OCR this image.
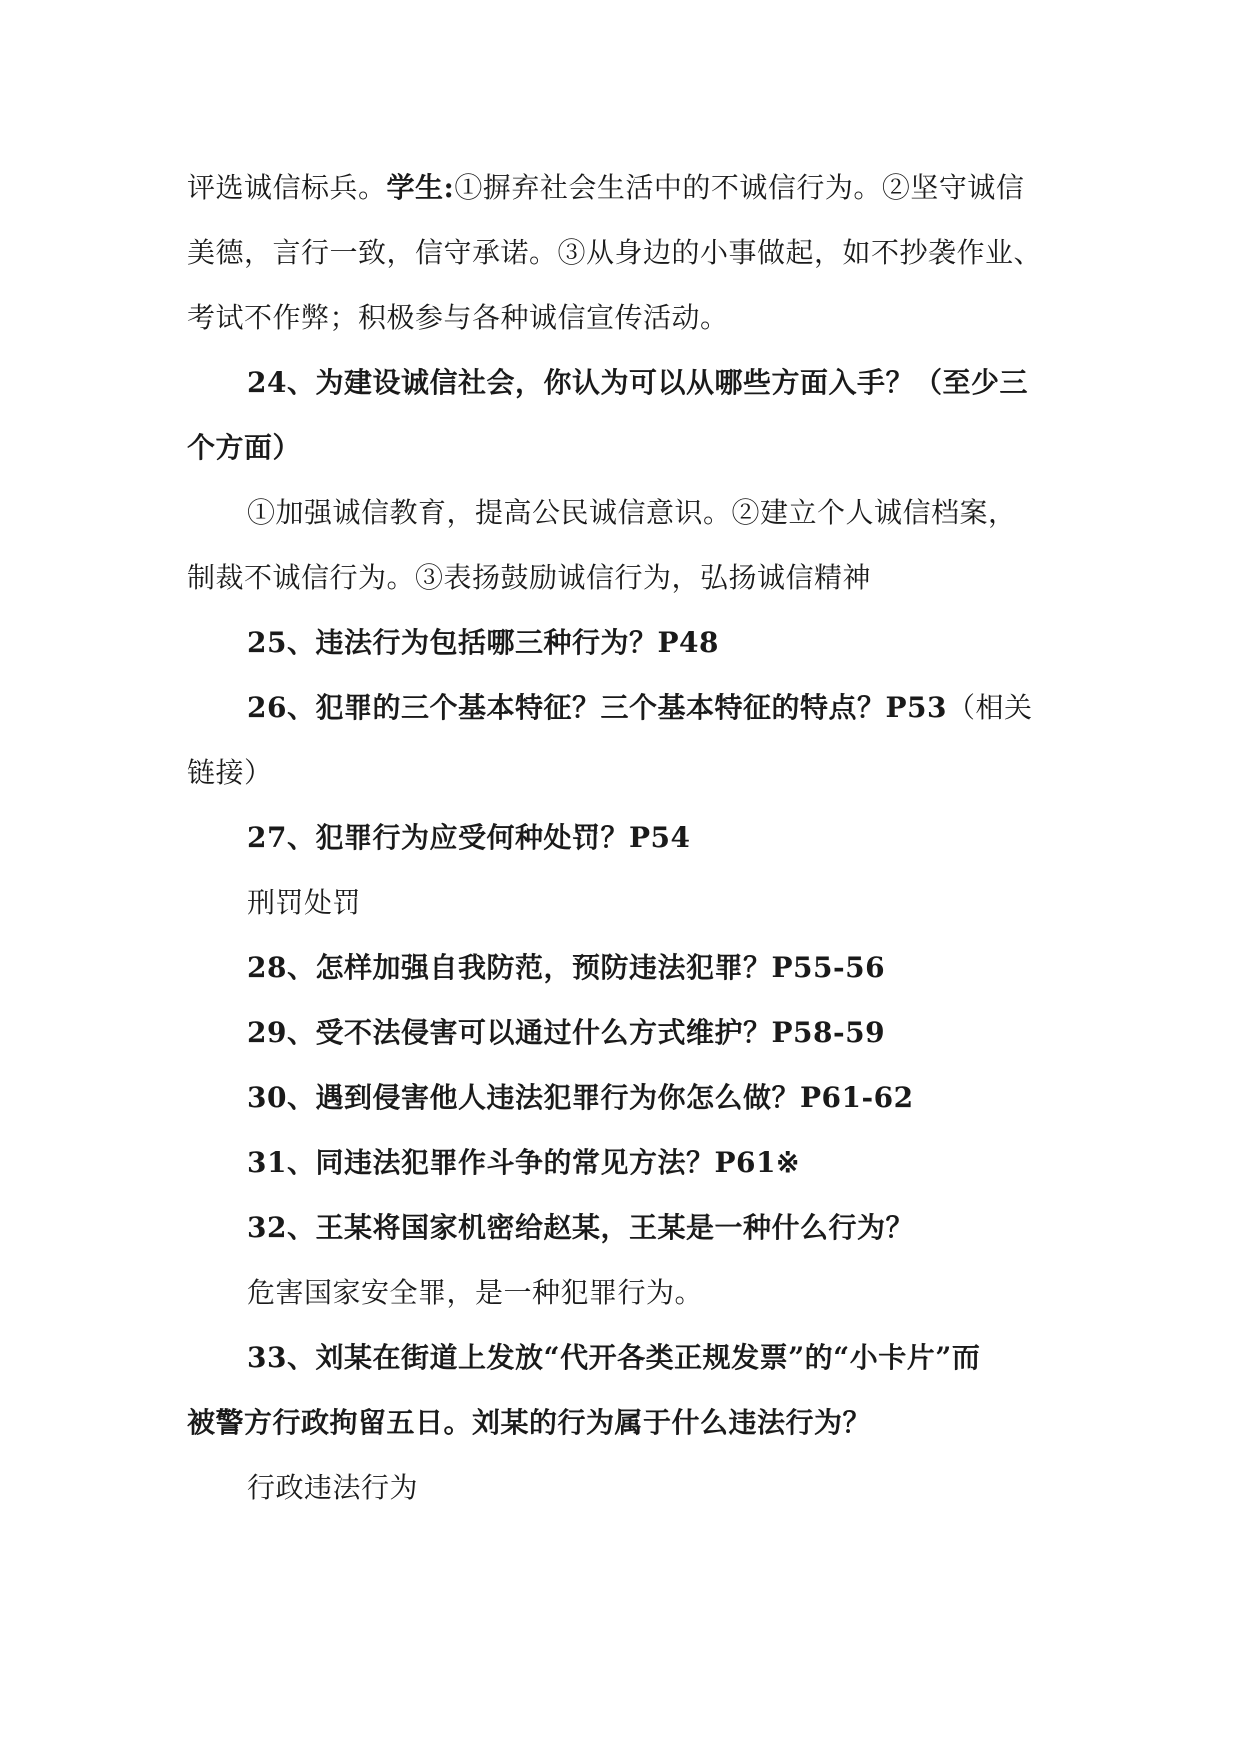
评选诚信标兵。学生:①摒弃社会生活中的不诚信行为。②坚守诚信
美德，言行一致，信守承诺。③从身边的小事做起，如不抄袭作业、
考试不作弊；积极参与各种诚信宣传活动。
24、为建设诚信社会，你认为可以从哪些方面入手？（至少三
个方面）
①加强诚信教育，提高公民诚信意识。②建立个人诚信档案，
制裁不诚信行为。③表扬鼓励诚信行为，弘扬诚信精神
25、违法行为包括哪三种行为？P48
26、犯罪的三个基本特征？三个基本特征的特点？P53（相关
链接）
27、犯罪行为应受何种处罚？P54
刑罚处罚
28、怎样加强自我防范，预防违法犯罪？P55-56
29、受不法侵害可以通过什么方式维护？P58-59
30、遇到侵害他人违法犯罪行为你怎么做？P61-62
31、同违法犯罪作斗争的常见方法？P61※
32、王某将国家机密给赵某，王某是一种什么行为？
危害国家安全罪，是一种犯罪行为。
33、刘某在街道上发放“代开各类正规发票”的“小卡片”而
被警方行政拘留五日。刘某的行为属于什么违法行为？
行政违法行为
